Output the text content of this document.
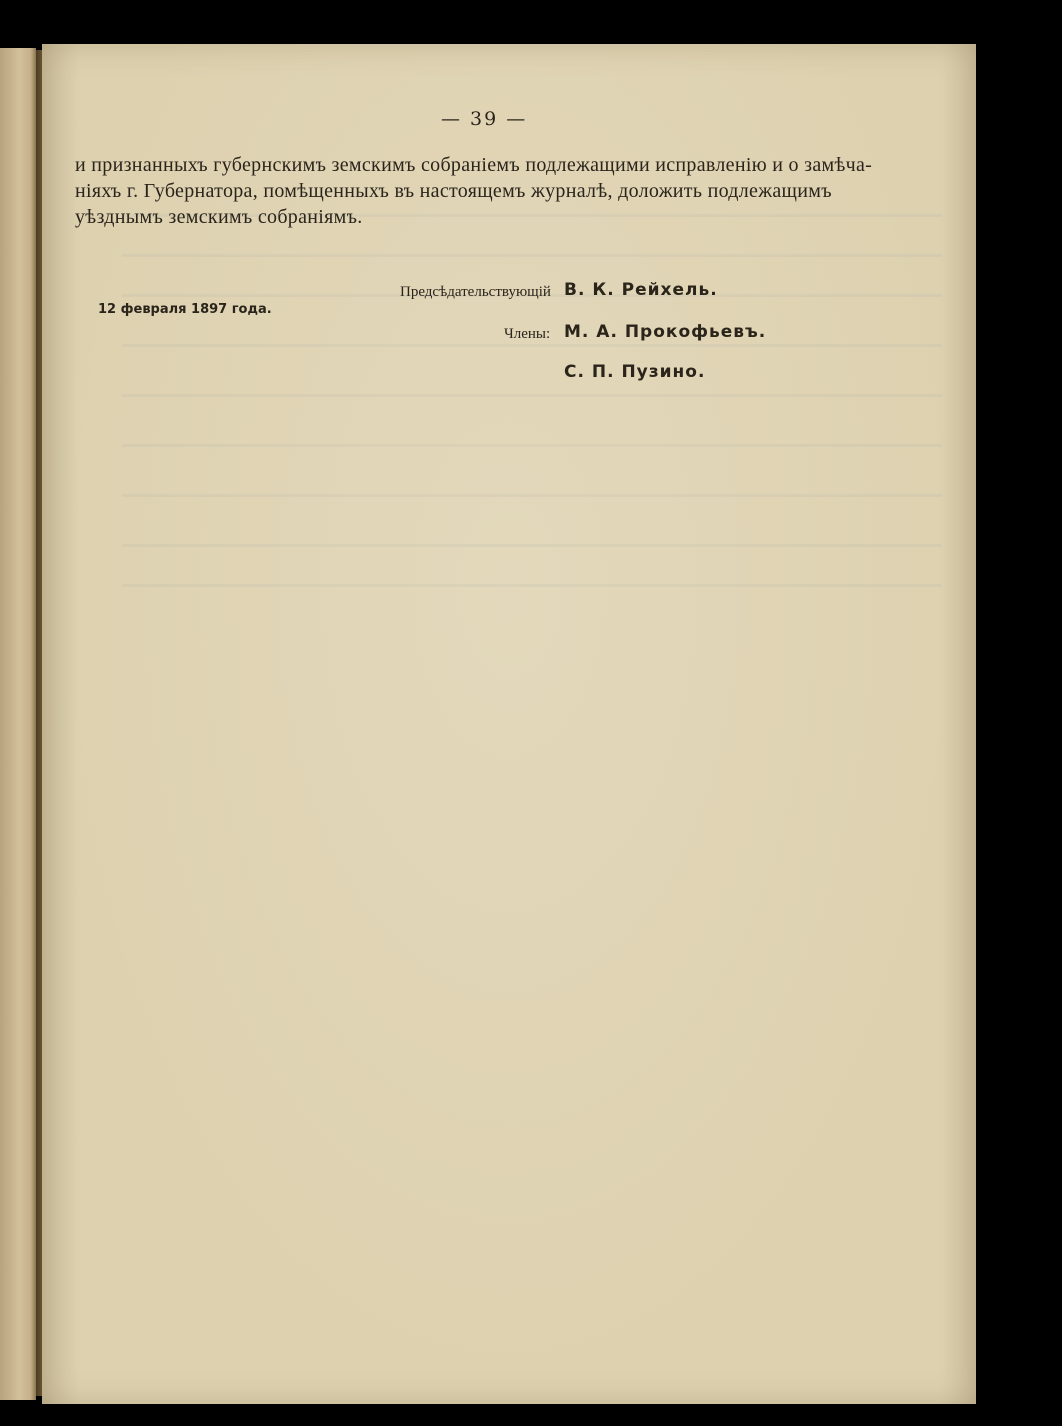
— 39 —
и признанныхъ губернскимъ земскимъ собраніемъ подлежащими исправленію и о замѣча-
ніяхъ г. Губернатора, помѣщенныхъ въ настоящемъ журналѣ, доложить подлежащимъ
уѣзднымъ земскимъ собраніямъ.
12 февраля 1897 года.
Предсѣдательствующій В. К. Рейхель.
Члены: М. А. Прокофьевъ.
С. П. Пузино.
